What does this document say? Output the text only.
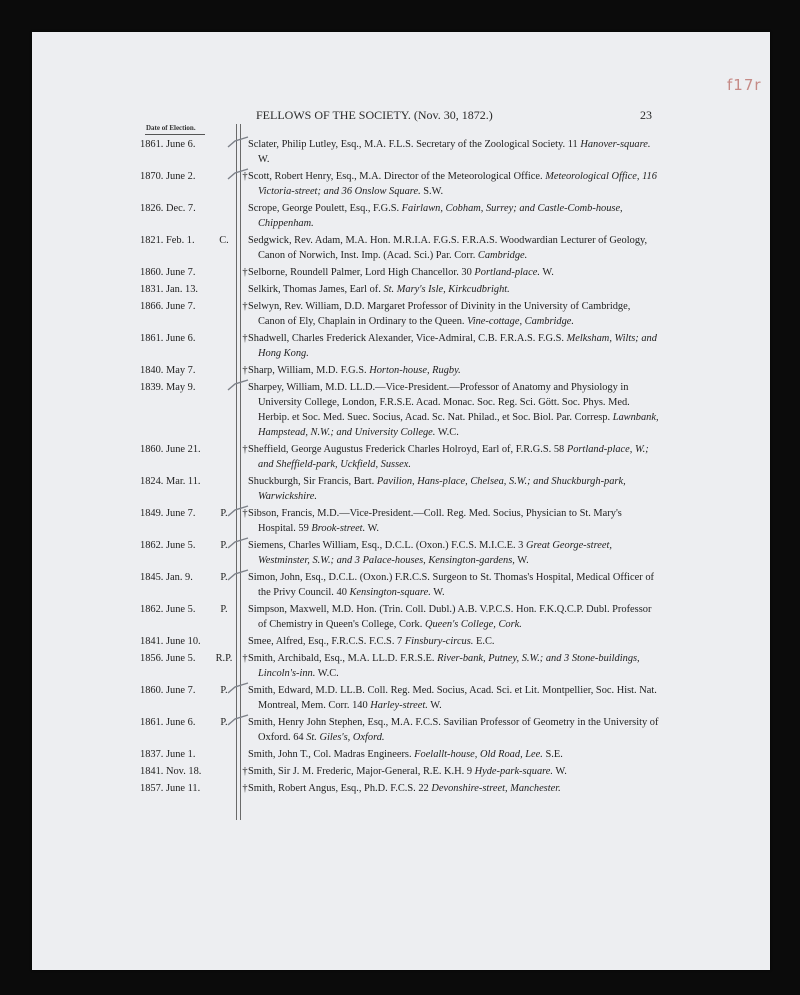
f17r
FELLOWS OF THE SOCIETY. (Nov. 30, 1872.)	23
Date of Election.
1861. June 6.	Sclater, Philip Lutley, Esq., M.A. F.L.S. Secretary of the Zoological Society. 11 Hanover-square. W.
1870. June 2.	† Scott, Robert Henry, Esq., M.A. Director of the Meteorological Office. Meteorological Office, 116 Victoria-street; and 36 Onslow Square. S.W.
1826. Dec. 7.	Scrope, George Poulett, Esq., F.G.S. Fairlawn, Cobham, Surrey; and Castle-Comb-house, Chippenham.
1821. Feb. 1.	C.	Sedgwick, Rev. Adam, M.A. Hon. M.R.I.A. F.G.S. F.R.A.S. Woodwardian Lecturer of Geology, Canon of Norwich, Inst. Imp. (Acad. Sci.) Par. Corr. Cambridge.
1860. June 7.	† Selborne, Roundell Palmer, Lord High Chancellor. 30 Portland-place. W.
1831. Jan. 13.	Selkirk, Thomas James, Earl of. St. Mary's Isle, Kirkcudbright.
1866. June 7.	† Selwyn, Rev. William, D.D. Margaret Professor of Divinity in the University of Cambridge, Canon of Ely, Chaplain in Ordinary to the Queen. Vine-cottage, Cambridge.
1861. June 6.	† Shadwell, Charles Frederick Alexander, Vice-Admiral, C.B. F.R.A.S. F.G.S. Melksham, Wilts; and Hong Kong.
1840. May 7.	† Sharp, William, M.D. F.G.S. Horton-house, Rugby.
1839. May 9.	Sharpey, William, M.D. LL.D.—Vice-President.—Professor of Anatomy and Physiology in University College, London, F.R.S.E. Acad. Monac. Soc. Reg. Sci. Gött. Soc. Phys. Med. Herbip. et Soc. Med. Suec. Socius, Acad. Sc. Nat. Philad., et Soc. Biol. Par. Corresp. Lawnbank, Hampstead, N.W.; and University College. W.C.
1860. June 21.	† Sheffield, George Augustus Frederick Charles Holroyd, Earl of, F.R.G.S. 58 Portland-place, W.; and Sheffield-park, Uckfield, Sussex.
1824. Mar. 11.	Shuckburgh, Sir Francis, Bart. Pavilion, Hans-place, Chelsea, S.W.; and Shuckburgh-park, Warwickshire.
1849. June 7.	P.	† Sibson, Francis, M.D.—Vice-President.—Coll. Reg. Med. Socius, Physician to St. Mary's Hospital. 59 Brook-street. W.
1862. June 5.	P.	Siemens, Charles William, Esq., D.C.L. (Oxon.) F.C.S. M.I.C.E. 3 Great George-street, Westminster, S.W.; and 3 Palace-houses, Kensington-gardens, W.
1845. Jan. 9.	P.	Simon, John, Esq., D.C.L. (Oxon.) F.R.C.S. Surgeon to St. Thomas's Hospital, Medical Officer of the Privy Council. 40 Kensington-square. W.
1862. June 5.	P.	Simpson, Maxwell, M.D. Hon. (Trin. Coll. Dubl.) A.B. V.P.C.S. Hon. F.K.Q.C.P. Dubl. Professor of Chemistry in Queen's College, Cork. Queen's College, Cork.
1841. June 10.	Smee, Alfred, Esq., F.R.C.S. F.C.S. 7 Finsbury-circus. E.C.
1856. June 5.	R.P. † Smith, Archibald, Esq., M.A. LL.D. F.R.S.E. River-bank, Putney, S.W.; and 3 Stone-buildings, Lincoln's-inn. W.C.
1860. June 7.	P.	Smith, Edward, M.D. LL.B. Coll. Reg. Med. Socius, Acad. Sci. et Lit. Montpellier, Soc. Hist. Nat. Montreal, Mem. Corr. 140 Harley-street. W.
1861. June 6.	P.	Smith, Henry John Stephen, Esq., M.A. F.C.S. Savilian Professor of Geometry in the University of Oxford. 64 St. Giles's, Oxford.
1837. June 1.	Smith, John T., Col. Madras Engineers. Foelallt-house, Old Road, Lee. S.E.
1841. Nov. 18.	† Smith, Sir J. M. Frederic, Major-General, R.E. K.H. 9 Hyde-park-square. W.
1857. June 11.	† Smith, Robert Angus, Esq., Ph.D. F.C.S. 22 Devonshire-street, Manchester.
